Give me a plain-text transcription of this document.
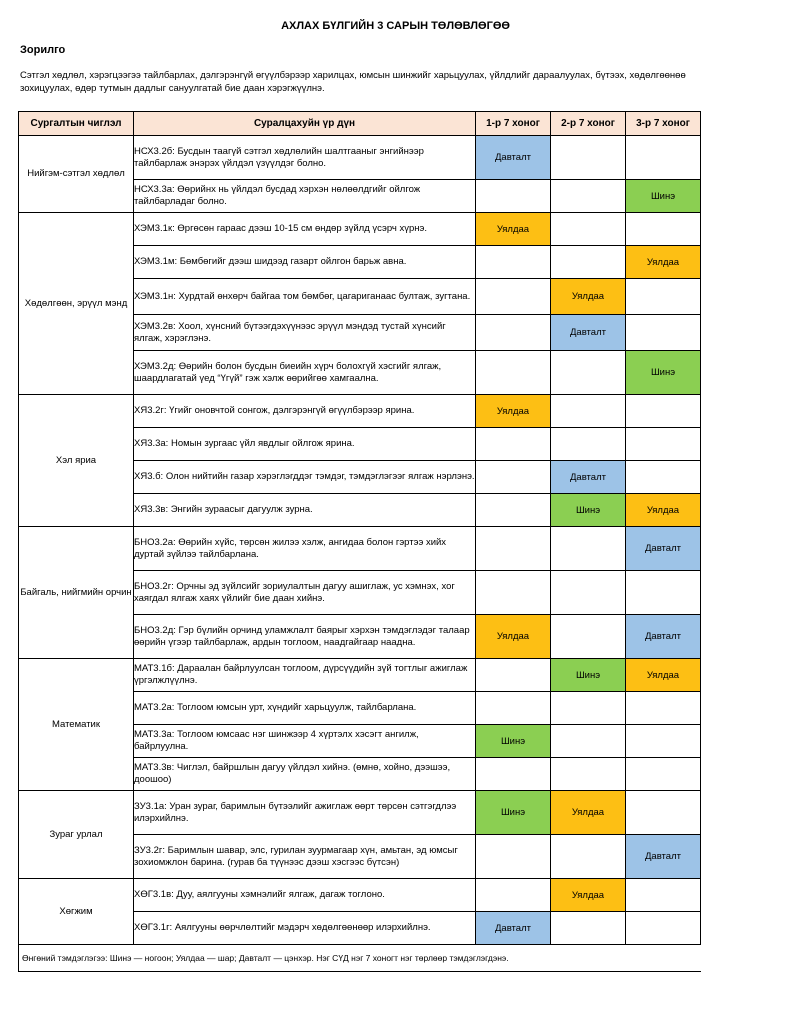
АХЛАХ БҮЛГИЙН 3 САРЫН ТӨЛӨВЛӨГӨӨ
Зорилго
Сэтгэл хөдлөл, хэрэгцээгээ тайлбарлах, дэлгэрэнгүй өгүүлбэрээр харилцах, юмсын шинжийг харьцуулах, үйлдлийг дараалуулах, бүтээх, хөдөлгөөнөө зохицуулах, өдөр тутмын дадлыг сануулгатай бие даан хэрэгжүүлнэ.
Сургалтын чиглэл	Суралцахуйн үр дүн	1-р 7 хоног	2-р 7 хоног	3-р 7 хоног
Нийгэм-сэтгэл хөдлөл	НСХ3.2б: Бусдын таагүй сэтгэл хөдлөлийн шалтгааныг энгийнээр тайлбарлаж энэрэх үйлдэл үзүүлдэг болно.	Давталт		

	НСХ3.3а: Өөрийнх нь үйлдэл бусдад хэрхэн нөлөөлдгийг ойлгож тайлбарладаг болно.			Шинэ

Хөдөлгөөн, эрүүл мэнд	ХЭМ3.1к: Өргөсөн гараас дээш 10-15 см өндөр зүйлд үсэрч хүрнэ.	Уялдаа		

	ХЭМ3.1м: Бөмбөгийг дээш шидээд газарт ойлгон барьж авна.			Уялдаа

	ХЭМ3.1н: Хурдтай өнхөрч байгаа том бөмбөг, цагариганаас бултаж, зугтана.		Уялдаа	

	ХЭМ3.2в: Хоол, хүнсний бүтээгдэхүүнээс эрүүл мэндэд тустай хүнсийг ялгаж, хэрэглэнэ.		Давталт	

	ХЭМ3.2д: Өөрийн болон бусдын биеийн хүрч болохгүй хэсгийг ялгаж, шаардлагатай үед “Үгүй” гэж хэлж өөрийгөө хамгаална.			Шинэ

Хэл яриа	ХЯ3.2г: Үгийг оновчтой сонгож, дэлгэрэнгүй өгүүлбэрээр ярина.	Уялдаа		

	ХЯ3.3а: Номын зургаас үйл явдлыг ойлгож ярина.			
	ХЯ3.б: Олон нийтийн газар хэрэглэгддэг тэмдэг, тэмдэглэгээг ялгаж нэрлэнэ.		Давталт	

	ХЯ3.3в: Энгийн зураасыг дагуулж зурна.		Шинэ	Уялдаа

Байгаль, нийгмийн орчин	БНО3.2а: Өөрийн хүйс, төрсөн жилээ хэлж, ангидаа болон гэртээ хийх дуртай зүйлээ тайлбарлана.			Давталт

	БНО3.2г: Орчны эд зүйлсийг зориулалтын дагуу ашиглаж, ус хэмнэх, хог хаягдал ялгаж хаях үйлийг бие даан хийнэ.			
	БНО3.2д: Гэр бүлийн орчинд уламжлалт баярыг хэрхэн тэмдэглэдэг талаар өөрийн үгээр тайлбарлаж, ардын тоглоом, наадгайгаар наадна.	Уялдаа		Давталт

Математик	МАТ3.1б: Дараалан байрлуулсан тоглоом, дүрсүүдийн зүй тогтлыг ажиглаж үргэлжлүүлнэ.		Шинэ	Уялдаа

	МАТ3.2а: Тоглоом юмсын урт, хүндийг харьцуулж, тайлбарлана.			
	МАТ3.3а: Тоглоом юмсаас нэг шинжээр 4 хүртэлх хэсэгт ангилж, байрлуулна.	Шинэ		

	МАТ3.3в: Чиглэл, байршлын дагуу үйлдэл хийнэ. (өмнө, хойно, дээшээ, доошоо)			
Зураг урлал	ЗУ3.1а: Уран зураг, баримлын бүтээлийг ажиглаж өөрт төрсөн сэтгэгдлээ илэрхийлнэ.	Шинэ	Уялдаа	

	ЗУ3.2г: Баримлын шавар, элс, гурилан зуурмагаар хүн, амьтан, эд юмсыг зохиомжлон барина. (гурав ба түүнээс дээш хэсгээс бүтсэн)			Давталт

Хөгжим	ХӨГ3.1в: Дуу, аялгууны хэмнэлийг ялгаж, дагаж тоглоно.		Уялдаа	

	ХӨГ3.1г: Аялгууны өөрчлөлтийг мэдэрч хөдөлгөөнөөр илэрхийлнэ.	Давталт		

Өнгөний тэмдэглэгээ: Шинэ — ногоон; Уялдаа — шар; Давталт — цэнхэр. Нэг СҮД нэг 7 хоногт нэг төрлөөр тэмдэглэгдэнэ.				
